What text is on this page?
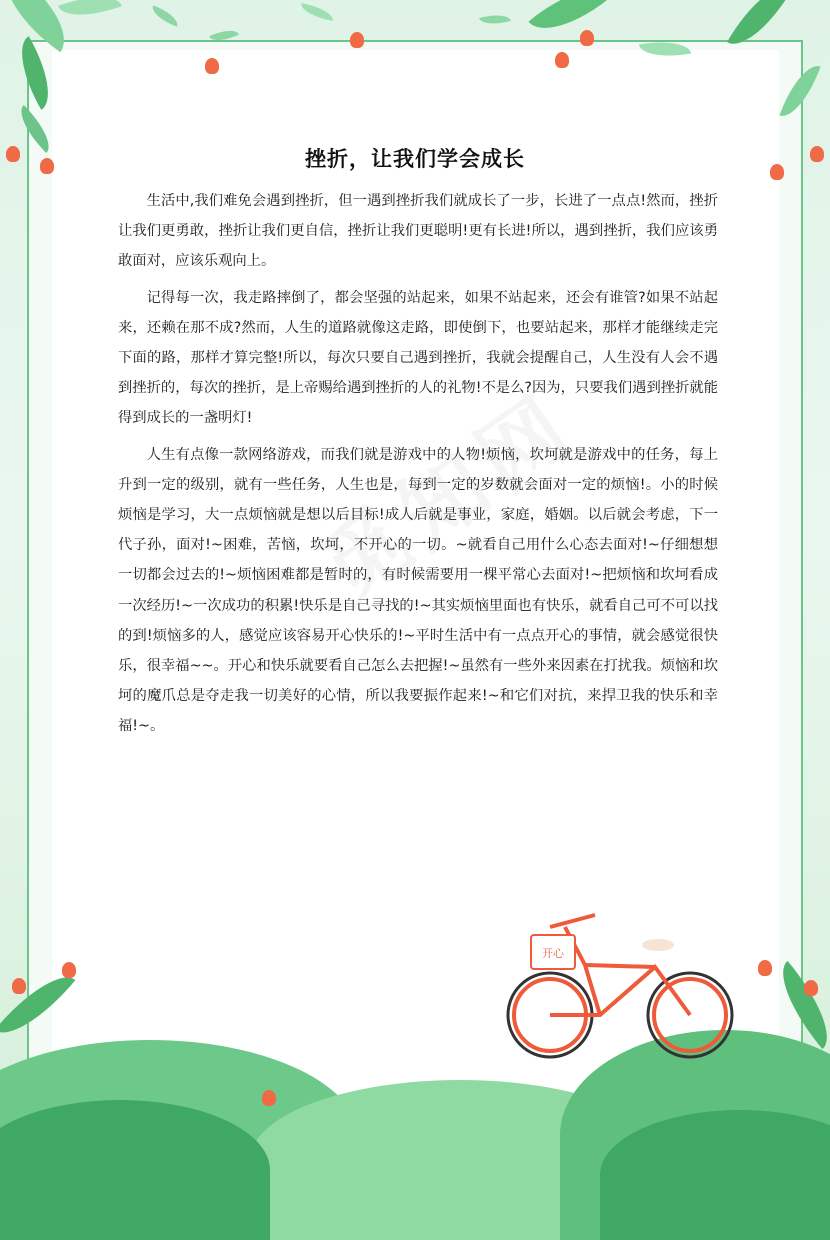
挫折，让我们学会成长

生活中,我们难免会遇到挫折，但一遇到挫折我们就成长了一步，长进了一点点!然而，挫折让我们更勇敢，挫折让我们更自信，挫折让我们更聪明!更有长进!所以，遇到挫折，我们应该勇敢面对，应该乐观向上。

记得每一次，我走路摔倒了，都会坚强的站起来，如果不站起来，还会有谁管?如果不站起来，还赖在那不成?然而，人生的道路就像这走路，即使倒下，也要站起来，那样才能继续走完下面的路，那样才算完整!所以，每次只要自己遇到挫折，我就会提醒自己，人生没有人会不遇到挫折的，每次的挫折，是上帝赐给遇到挫折的人的礼物!不是么?因为，只要我们遇到挫折就能得到成长的一盏明灯!

人生有点像一款网络游戏，而我们就是游戏中的人物!烦恼，坎坷就是游戏中的任务，每上升到一定的级别，就有一些任务，人生也是，每到一定的岁数就会面对一定的烦恼!。小的时候烦恼是学习，大一点烦恼就是想以后目标!成人后就是事业，家庭，婚姻。以后就会考虑，下一代子孙，面对!~困难，苦恼，坎坷，不开心的一切。~就看自己用什么心态去面对!~仔细想想一切都会过去的!~烦恼困难都是暂时的，有时候需要用一棵平常心去面对!~把烦恼和坎坷看成一次经历!~一次成功的积累!快乐是自己寻找的!~其实烦恼里面也有快乐，就看自己可不可以找的到!烦恼多的人，感觉应该容易开心快乐的!~平时生活中有一点点开心的事情，就会感觉很快乐，很幸福~~。开心和快乐就要看自己怎么去把握!~虽然有一些外来因素在打扰我。烦恼和坎坷的魔爪总是夺走我一切美好的心情，所以我要振作起来!~和它们对抗，来捍卫我的快乐和幸福!~。

开心
